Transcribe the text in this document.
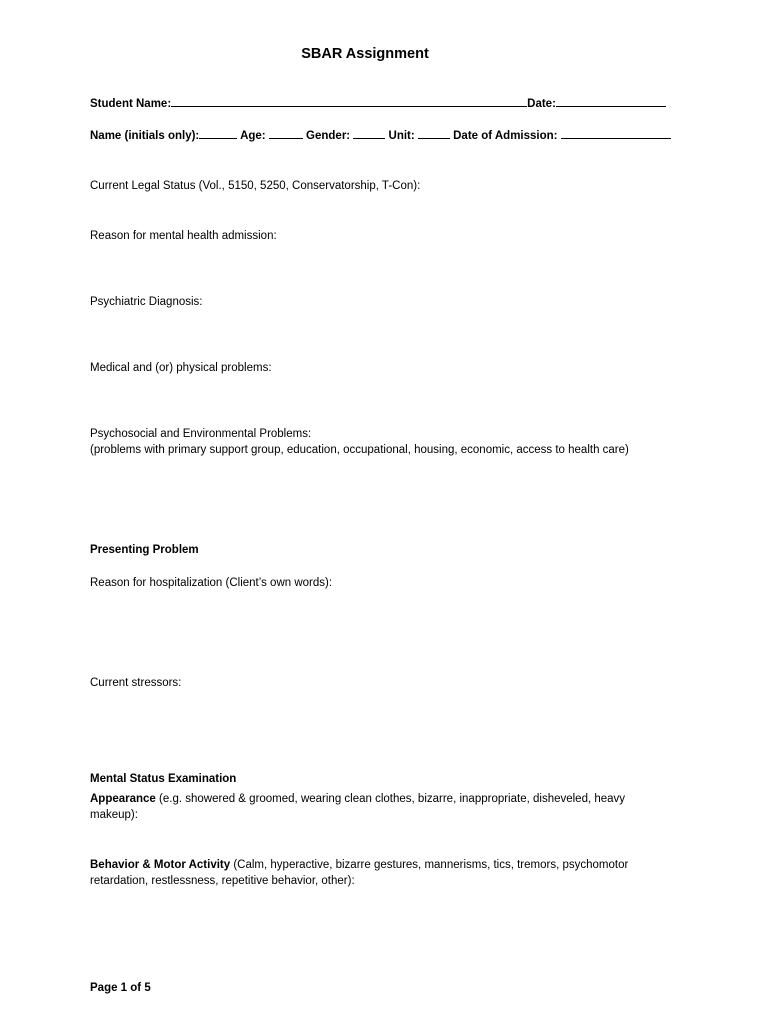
SBAR Assignment
Student Name:	Date:
Name (initials only):	Age:	Gender:	Unit:	Date of Admission:
Current Legal Status (Vol., 5150, 5250, Conservatorship, T-Con):
Reason for mental health admission:
Psychiatric Diagnosis:
Medical and (or) physical problems:
Psychosocial and Environmental Problems:
(problems with primary support group, education, occupational, housing, economic, access to health care)
Presenting Problem
Reason for hospitalization (Client’s own words):
Current stressors:
Mental Status Examination
Appearance (e.g. showered & groomed, wearing clean clothes, bizarre, inappropriate, disheveled, heavy makeup):
Behavior & Motor Activity (Calm, hyperactive, bizarre gestures, mannerisms, tics, tremors, psychomotor retardation, restlessness, repetitive behavior, other):
Page 1 of 5
